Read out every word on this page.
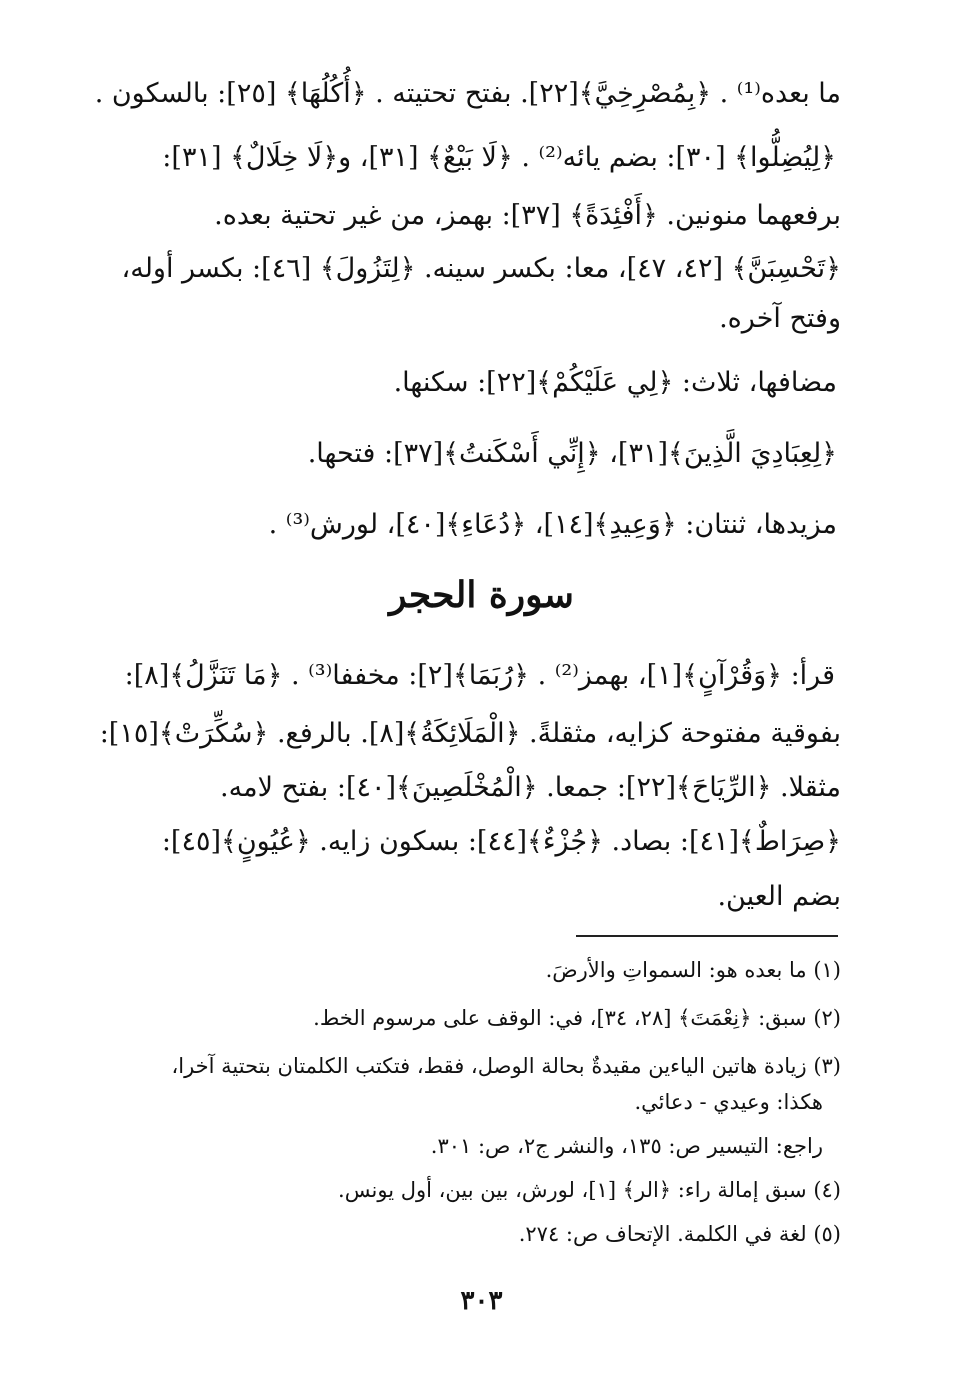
ما بعده⁽¹⁾ . ﴿بِمُصْرِخِيَّ﴾[٢٢]. بفتح تحتيته . ﴿أُكُلُهَا﴾ [٢٥]: بالسكون .
﴿لِيُضِلُّوا﴾ [٣٠]: بضم يائه⁽²⁾ . ﴿لَا بَيْعٌ﴾ [٣١]، و﴿لَا خِلَالٌ﴾ [٣١]:
برفعهما منونين. ﴿أَفْئِدَةً﴾ [٣٧]: بهمز، من غير تحتية بعده.
﴿تَحْسِبَنَّ﴾ [٤٢، ٤٧]، معا: بكسر سينه. ﴿لِتَزُولَ﴾ [٤٦]: بكسر أوله،
وفتح آخره.
مضافها، ثلاث: ﴿لِي عَلَيْكُمْ﴾[٢٢]: سكنها.
﴿لِعِبَادِيَ الَّذِينَ﴾[٣١]، ﴿إِنِّي أَسْكَنتُ﴾[٣٧]: فتحها.
مزيدها، ثنتان: ﴿وَعِيدِ﴾[١٤]، ﴿دُعَاءِ﴾[٤٠]، لورش⁽³⁾ .
سورة الحجر
قرأ: ﴿وَقُرْآنٍ﴾[١]، بهمز⁽²⁾ . ﴿رُبَمَا﴾[٢]: مخففا⁽³⁾ . ﴿مَا تَنَزَّلُ﴾[٨]:
بفوقية مفتوحة كزايه، مثقلةً. ﴿الْمَلَائِكَةُ﴾[٨]. بالرفع. ﴿سُكِّرَتْ﴾[١٥]:
مثقلا. ﴿الرِّيَاحَ﴾[٢٢]: جمعا. ﴿الْمُخْلَصِينَ﴾[٤٠]: بفتح لامه.
﴿صِرَاطٌ﴾[٤١]: بصاد. ﴿جُزْءٌ﴾[٤٤]: بسكون زايه. ﴿عُيُونٍ﴾[٤٥]:
بضم العين.
(١) ما بعده هو: السمواتِ والأرضَ.
(٢) سبق: ﴿نِعْمَتَ﴾ [٢٨، ٣٤]، في: الوقف على مرسوم الخط.
(٣) زيادة هاتين الياءين مقيدةٌ بحالة الوصل، فقط، فتكتب الكلمتان بتحتية آخرا،
هكذا: وعيدي - دعائي.
راجع: التيسير ص: ١٣٥، والنشر ج٢، ص: ٣٠١.
(٤) سبق إمالة راء: ﴿الر﴾ [١]، لورش، بين بين، أول يونس.
(٥) لغة في الكلمة. الإتحاف ص: ٢٧٤.
٣٠٣
